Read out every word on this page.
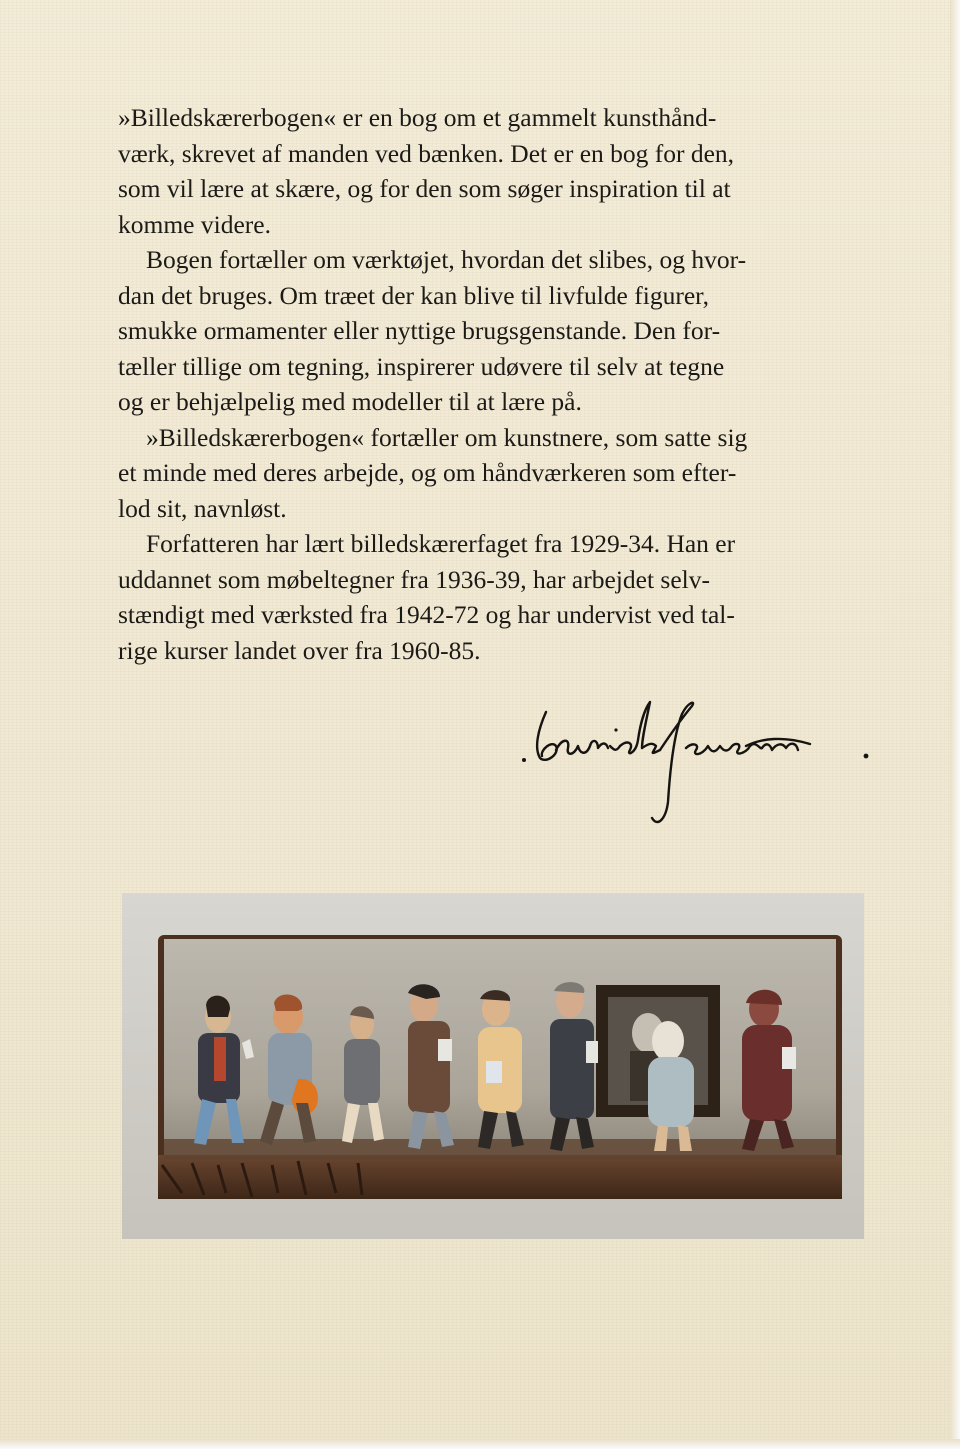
»Billedskærerbogen« er en bog om et gammelt kunsthånd-
værk, skrevet af manden ved bænken. Det er en bog for den,
som vil lære at skære, og for den som søger inspiration til at
komme videre.

Bogen fortæller om værktøjet, hvordan det slibes, og hvor-
dan det bruges. Om træet der kan blive til livfulde figurer,
smukke ormamenter eller nyttige brugsgenstande. Den for-
tæller tillige om tegning, inspirerer udøvere til selv at tegne
og er behjælpelig med modeller til at lære på.

»Billedskærerbogen« fortæller om kunstnere, som satte sig
et minde med deres arbejde, og om håndværkeren som efter-
lod sit, navnløst.

Forfatteren har lært billedskærerfaget fra 1929-34. Han er
uddannet som møbeltegner fra 1936-39, har arbejdet selv-
stændigt med værksted fra 1942-72 og har undervist ved tal-
rige kurser landet over fra 1960-85.
